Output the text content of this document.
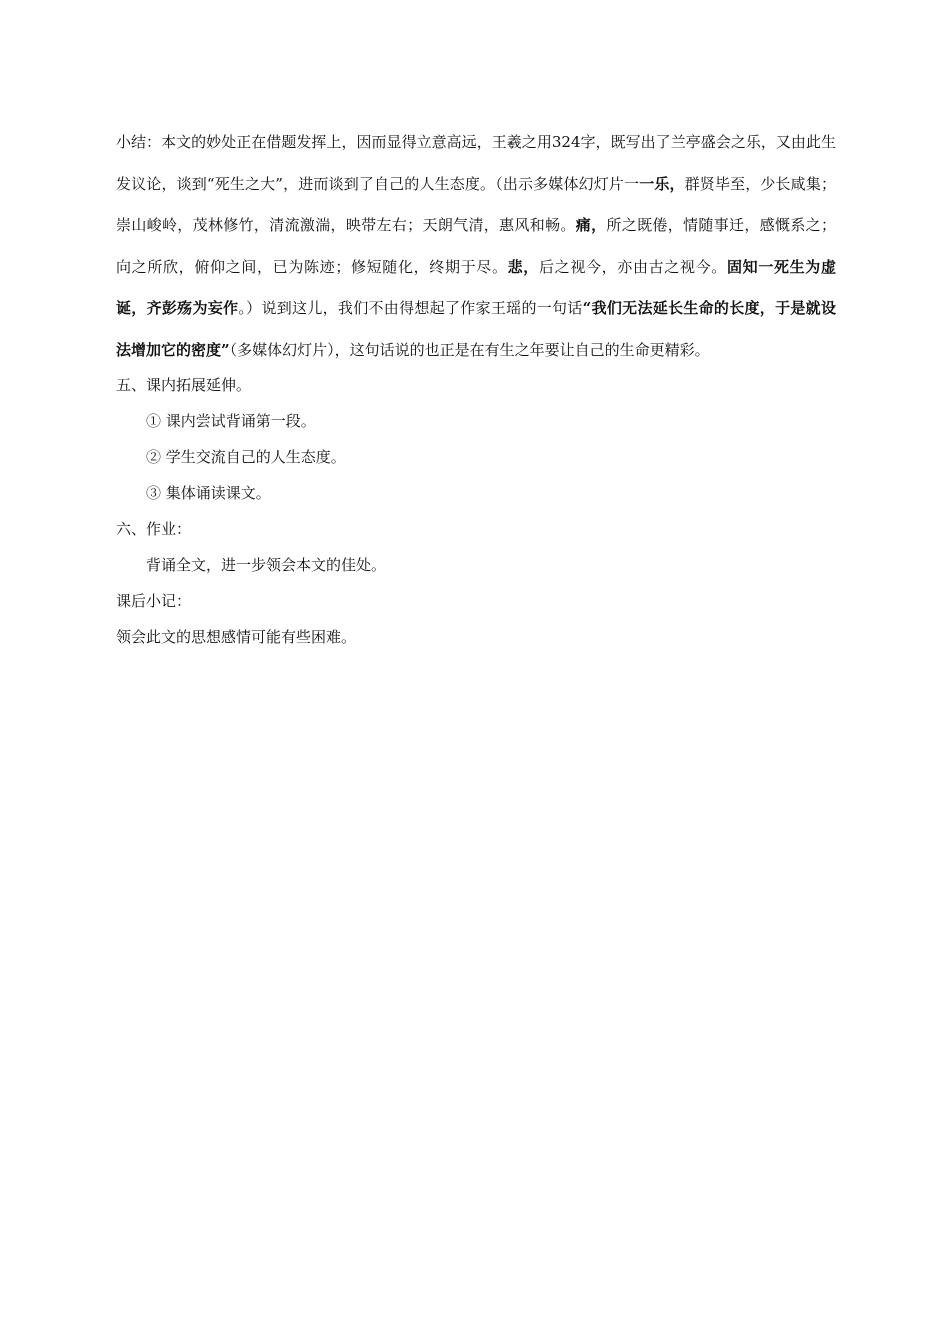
小结：本文的妙处正在借题发挥上，因而显得立意高远，王羲之用324字，既写出了兰亭盛会之乐，又由此生发议论，谈到“死生之大”，进而谈到了自己的人生态度。（出示多媒体幻灯片一一乐，群贤毕至，少长咸集；崇山峻岭，茂林修竹，清流激湍，映带左右；天朗气清，惠风和畅。痛，所之既倦，情随事迁，感慨系之；向之所欣，俯仰之间，已为陈迹；修短随化，终期于尽。悲，后之视今，亦由古之视今。固知一死生为虚诞，齐彭殇为妄作。）说到这儿，我们不由得想起了作家王瑶的一句话“我们无法延长生命的长度，于是就设法增加它的密度”（多媒体幻灯片），这句话说的也正是在有生之年要让自己的生命更精彩。

五、课内拓展延伸。

① 课内尝试背诵第一段。

② 学生交流自己的人生态度。

③ 集体诵读课文。

六、作业：

背诵全文，进一步领会本文的佳处。

课后小记：

领会此文的思想感情可能有些困难。
